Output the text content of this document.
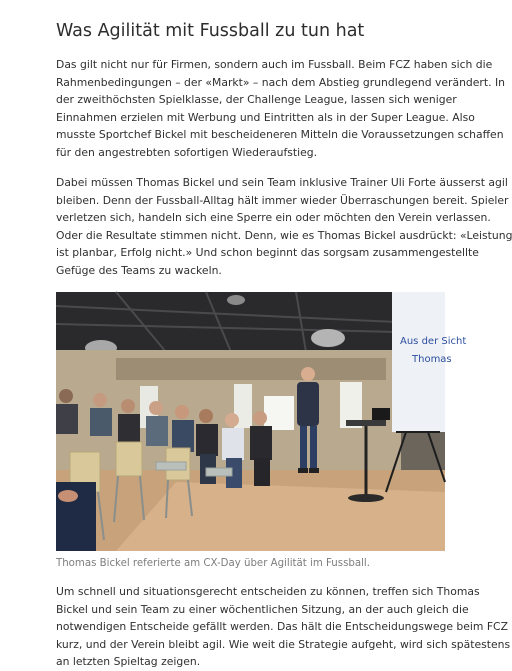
Was Agilität mit Fussball zu tun hat

Das gilt nicht nur für Firmen, sondern auch im Fussball. Beim FCZ haben sich die
Rahmenbedingungen – der «Markt» – nach dem Abstieg grundlegend verändert. In
der zweithöchsten Spielklasse, der Challenge League, lassen sich weniger
Einnahmen erzielen mit Werbung und Eintritten als in der Super League. Also
musste Sportchef Bickel mit bescheideneren Mitteln die Voraussetzungen schaffen
für den angestrebten sofortigen Wiederaufstieg.

Dabei müssen Thomas Bickel und sein Team inklusive Trainer Uli Forte äusserst agil
bleiben. Denn der Fussball-Alltag hält immer wieder Überraschungen bereit. Spieler
verletzen sich, handeln sich eine Sperre ein oder möchten den Verein verlassen.
Oder die Resultate stimmen nicht. Denn, wie es Thomas Bickel ausdrückt: «Leistung
ist planbar, Erfolg nicht.» Und schon beginnt das sorgsam zusammengestellte
Gefüge des Teams zu wackeln.

Aus der Sicht
Thomas

Thomas Bickel referierte am CX-Day über Agilität im Fussball.

Um schnell und situationsgerecht entscheiden zu können, treffen sich Thomas
Bickel und sein Team zu einer wöchentlichen Sitzung, an der auch gleich die
notwendigen Entscheide gefällt werden. Das hält die Entscheidungswege beim FCZ
kurz, und der Verein bleibt agil. Wie weit die Strategie aufgeht, wird sich spätestens
an letzten Spieltag zeigen.
